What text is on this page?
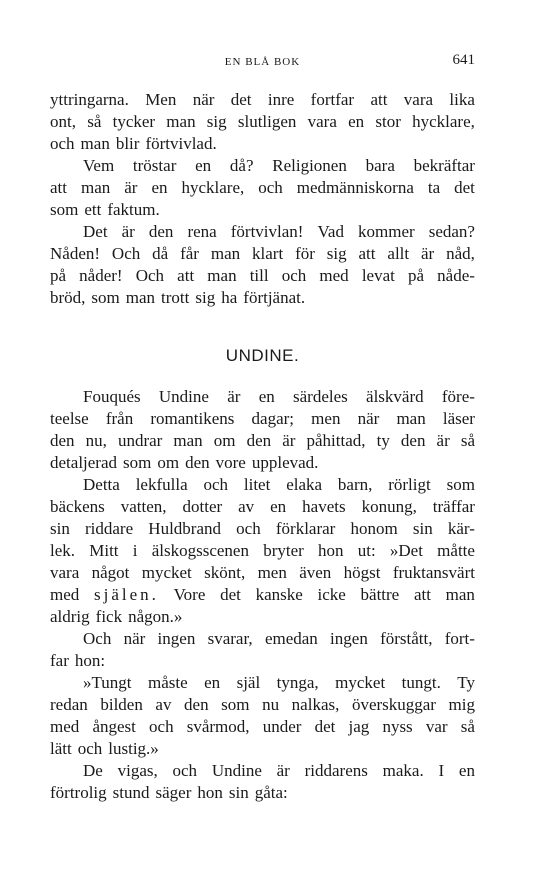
EN BLÅ BOK	641
yttringarna. Men när det inre fortfar att vara lika
ont, så tycker man sig slutligen vara en stor hycklare,
och man blir förtvivlad.
Vem tröstar en då? Religionen bara bekräftar
att man är en hycklare, och medmänniskorna ta det
som ett faktum.
Det är den rena förtvivlan! Vad kommer sedan?
Nåden! Och då får man klart för sig att allt är nåd,
på nåder! Och att man till och med levat på nåde-
bröd, som man trott sig ha förtjänat.
UNDINE.
Fouqués Undine är en särdeles älskvärd före-
teelse från romantikens dagar; men när man läser
den nu, undrar man om den är påhittad, ty den är så
detaljerad som om den vore upplevad.
Detta lekfulla och litet elaka barn, rörligt som
bäckens vatten, dotter av en havets konung, träffar
sin riddare Huldbrand och förklarar honom sin kär-
lek. Mitt i älskogsscenen bryter hon ut: »Det måtte
vara något mycket skönt, men även högst fruktansvärt
med själen. Vore det kanske icke bättre att man
aldrig fick någon.»
Och när ingen svarar, emedan ingen förstått, fort-
far hon:
»Tungt måste en själ tynga, mycket tungt. Ty
redan bilden av den som nu nalkas, överskuggar mig
med ångest och svårmod, under det jag nyss var så
lätt och lustig.»
De vigas, och Undine är riddarens maka. I en
förtrolig stund säger hon sin gåta:
